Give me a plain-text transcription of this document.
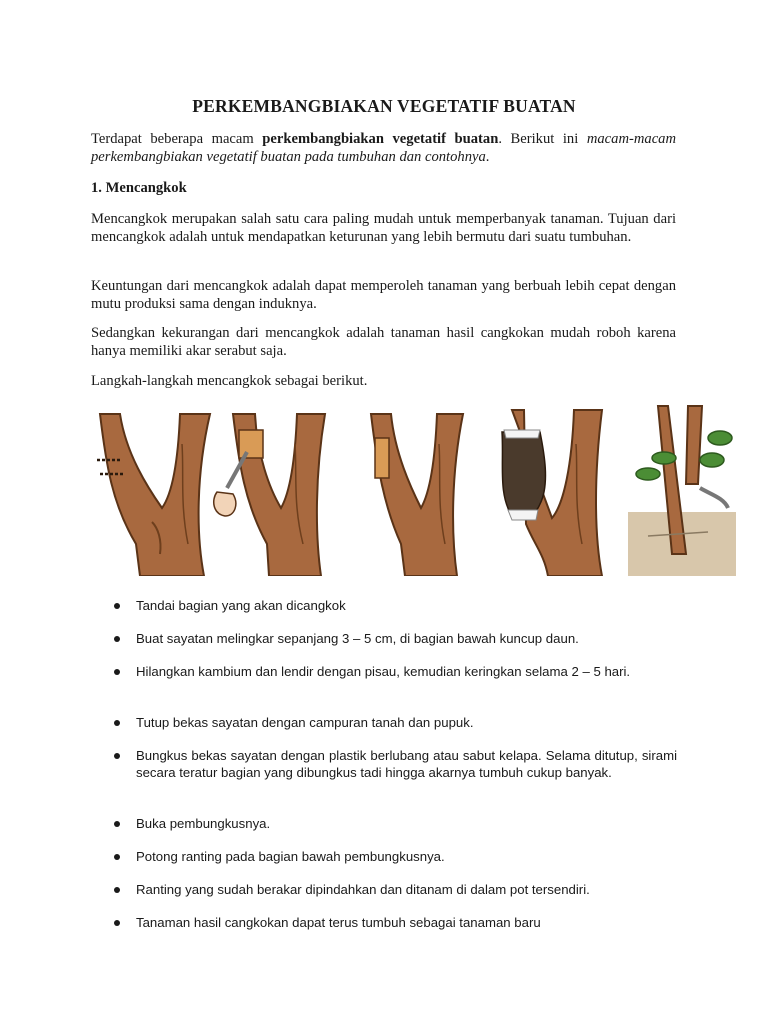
PERKEMBANGBIAKAN VEGETATIF BUATAN
Terdapat beberapa macam perkembangbiakan vegetatif buatan. Berikut ini macam-macam perkembangbiakan vegetatif buatan pada tumbuhan dan contohnya.
1. Mencangkok
Mencangkok merupakan salah satu cara paling mudah untuk memperbanyak tanaman. Tujuan dari mencangkok adalah untuk mendapatkan keturunan yang lebih bermutu dari suatu tumbuhan.
Keuntungan dari mencangkok adalah dapat memperoleh tanaman yang berbuah lebih cepat dengan mutu produksi sama dengan induknya.
Sedangkan kekurangan dari mencangkok adalah tanaman hasil cangkokan mudah roboh karena hanya memiliki akar serabut saja.
Langkah-langkah mencangkok sebagai berikut.
Tandai bagian yang akan dicangkok
Buat sayatan melingkar sepanjang 3 – 5 cm, di bagian bawah kuncup daun.
Hilangkan kambium dan lendir dengan pisau, kemudian keringkan selama 2 – 5 hari.
Tutup bekas sayatan dengan campuran tanah dan pupuk.
Bungkus bekas sayatan dengan plastik berlubang atau sabut kelapa. Selama ditutup, sirami secara teratur bagian yang dibungkus tadi hingga akarnya tumbuh cukup banyak.
Buka pembungkusnya.
Potong ranting pada bagian bawah pembungkusnya.
Ranting yang sudah berakar dipindahkan dan ditanam di dalam pot tersendiri.
Tanaman hasil cangkokan dapat terus tumbuh sebagai tanaman baru
